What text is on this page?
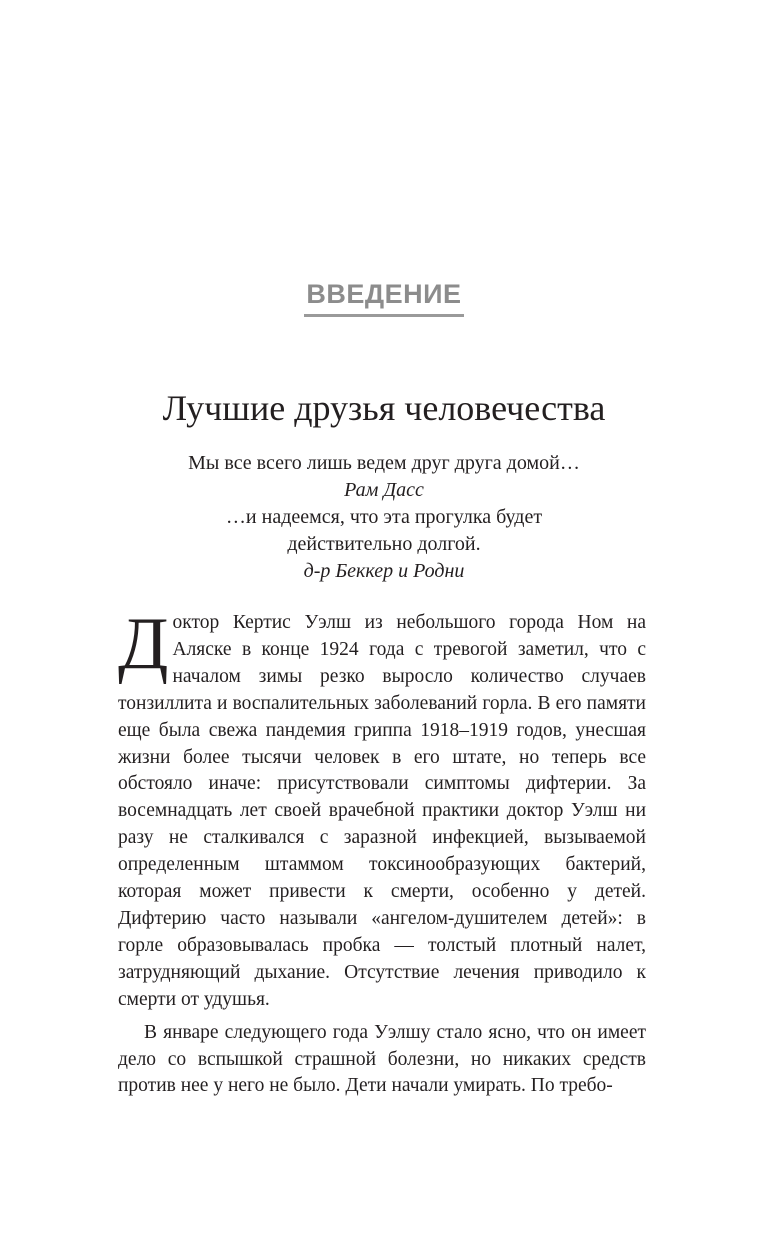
ВВЕДЕНИЕ
Лучшие друзья человечества
Мы все всего лишь ведем друг друга домой…
Рам Дасс
…и надеемся, что эта прогулка будет
действительно долгой.
д-р Беккер и Родни

Доктор Кертис Уэлш из небольшого города Ном на Аляске в конце 1924 года с тревогой заметил, что с началом зимы резко выросло количество случаев тонзиллита и воспалительных заболеваний горла. В его памяти еще была свежа пандемия гриппа 1918–1919 годов, унесшая жизни более тысячи человек в его штате, но теперь все обстояло иначе: присутствовали симптомы дифтерии. За восемнадцать лет своей врачебной практики доктор Уэлш ни разу не сталкивался с заразной инфекцией, вызываемой определенным штаммом токсинообразующих бактерий, которая может привести к смерти, особенно у детей. Дифтерию часто называли «ангелом-душителем детей»: в горле образовывалась пробка — толстый плотный налет, затрудняющий дыхание. Отсутствие лечения приводило к смерти от удушья.

В январе следующего года Уэлшу стало ясно, что он имеет дело со вспышкой страшной болезни, но никаких средств против нее у него не было. Дети начали умирать. По требо-
